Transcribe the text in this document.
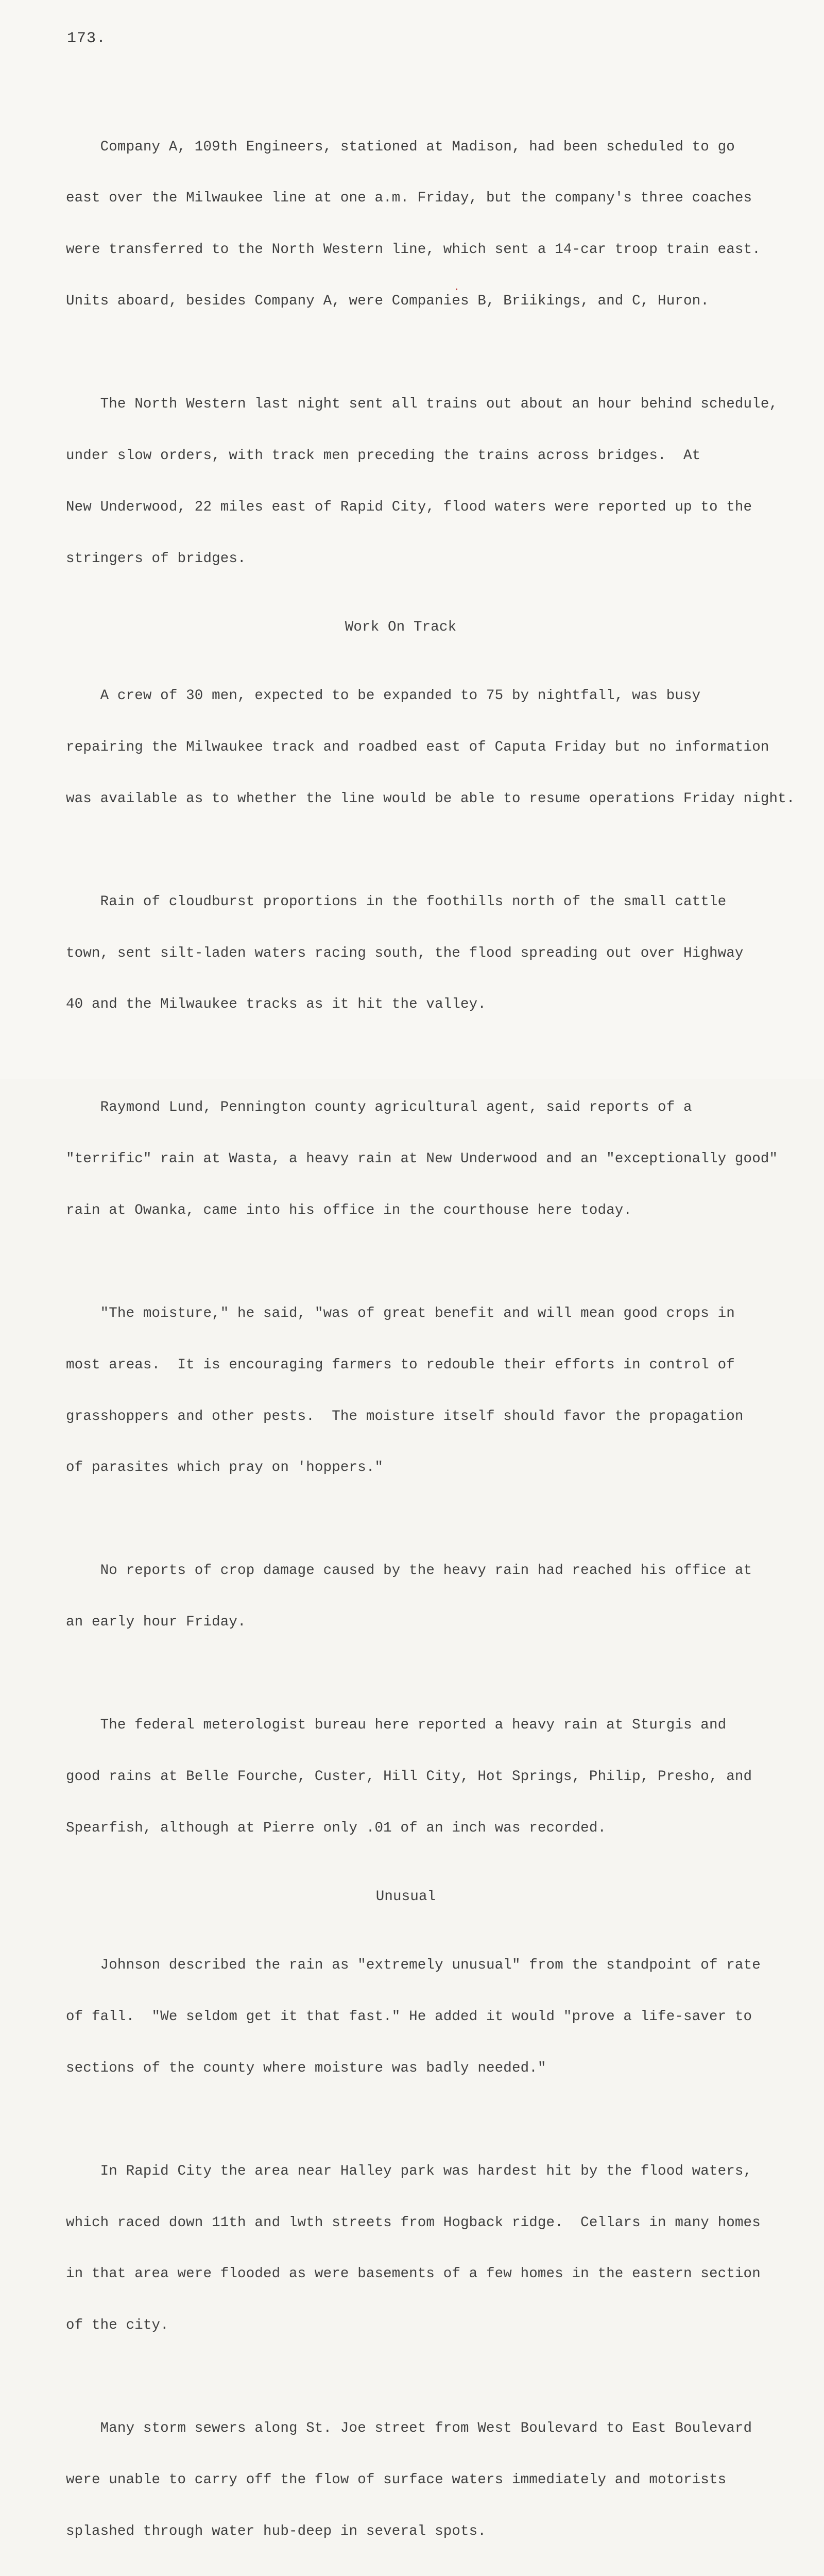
173.

Company A, 109th Engineers, stationed at Madison, had been scheduled to go

east over the Milwaukee line at one a.m. Friday, but the company's three coaches

were transferred to the North Western line, which sent a 14-car troop train east.

Units aboard, besides Company A, were Companies B, Briikings, and C, Huron.

The North Western last night sent all trains out about an hour behind schedule,

under slow orders, with track men preceding the trains across bridges.  At

New Underwood, 22 miles east of Rapid City, flood waters were reported up to the

stringers of bridges.

Work On Track

A crew of 30 men, expected to be expanded to 75 by nightfall, was busy

repairing the Milwaukee track and roadbed east of Caputa Friday but no information

was available as to whether the line would be able to resume operations Friday night.

Rain of cloudburst proportions in the foothills north of the small cattle

town, sent silt-laden waters racing south, the flood spreading out over Highway

40 and the Milwaukee tracks as it hit the valley.

Raymond Lund, Pennington county agricultural agent, said reports of a

"terrific" rain at Wasta, a heavy rain at New Underwood and an "exceptionally good"

rain at Owanka, came into his office in the courthouse here today.

"The moisture," he said, "was of great benefit and will mean good crops in

most areas.  It is encouraging farmers to redouble their efforts in control of

grasshoppers and other pests.  The moisture itself should favor the propagation

of parasites which pray on 'hoppers."

No reports of crop damage caused by the heavy rain had reached his office at

an early hour Friday.

The federal meterologist bureau here reported a heavy rain at Sturgis and

good rains at Belle Fourche, Custer, Hill City, Hot Springs, Philip, Presho, and

Spearfish, although at Pierre only .01 of an inch was recorded.

Unusual

Johnson described the rain as "extremely unusual" from the standpoint of rate

of fall.  "We seldom get it that fast." He added it would "prove a life-saver to

sections of the county where moisture was badly needed."

In Rapid City the area near Halley park was hardest hit by the flood waters,

which raced down 11th and lwth streets from Hogback ridge.  Cellars in many homes

in that area were flooded as were basements of a few homes in the eastern section

of the city.

Many storm sewers along St. Joe street from West Boulevard to East Boulevard

were unable to carry off the flow of surface waters immediately and motorists

splashed through water hub-deep in several spots.
